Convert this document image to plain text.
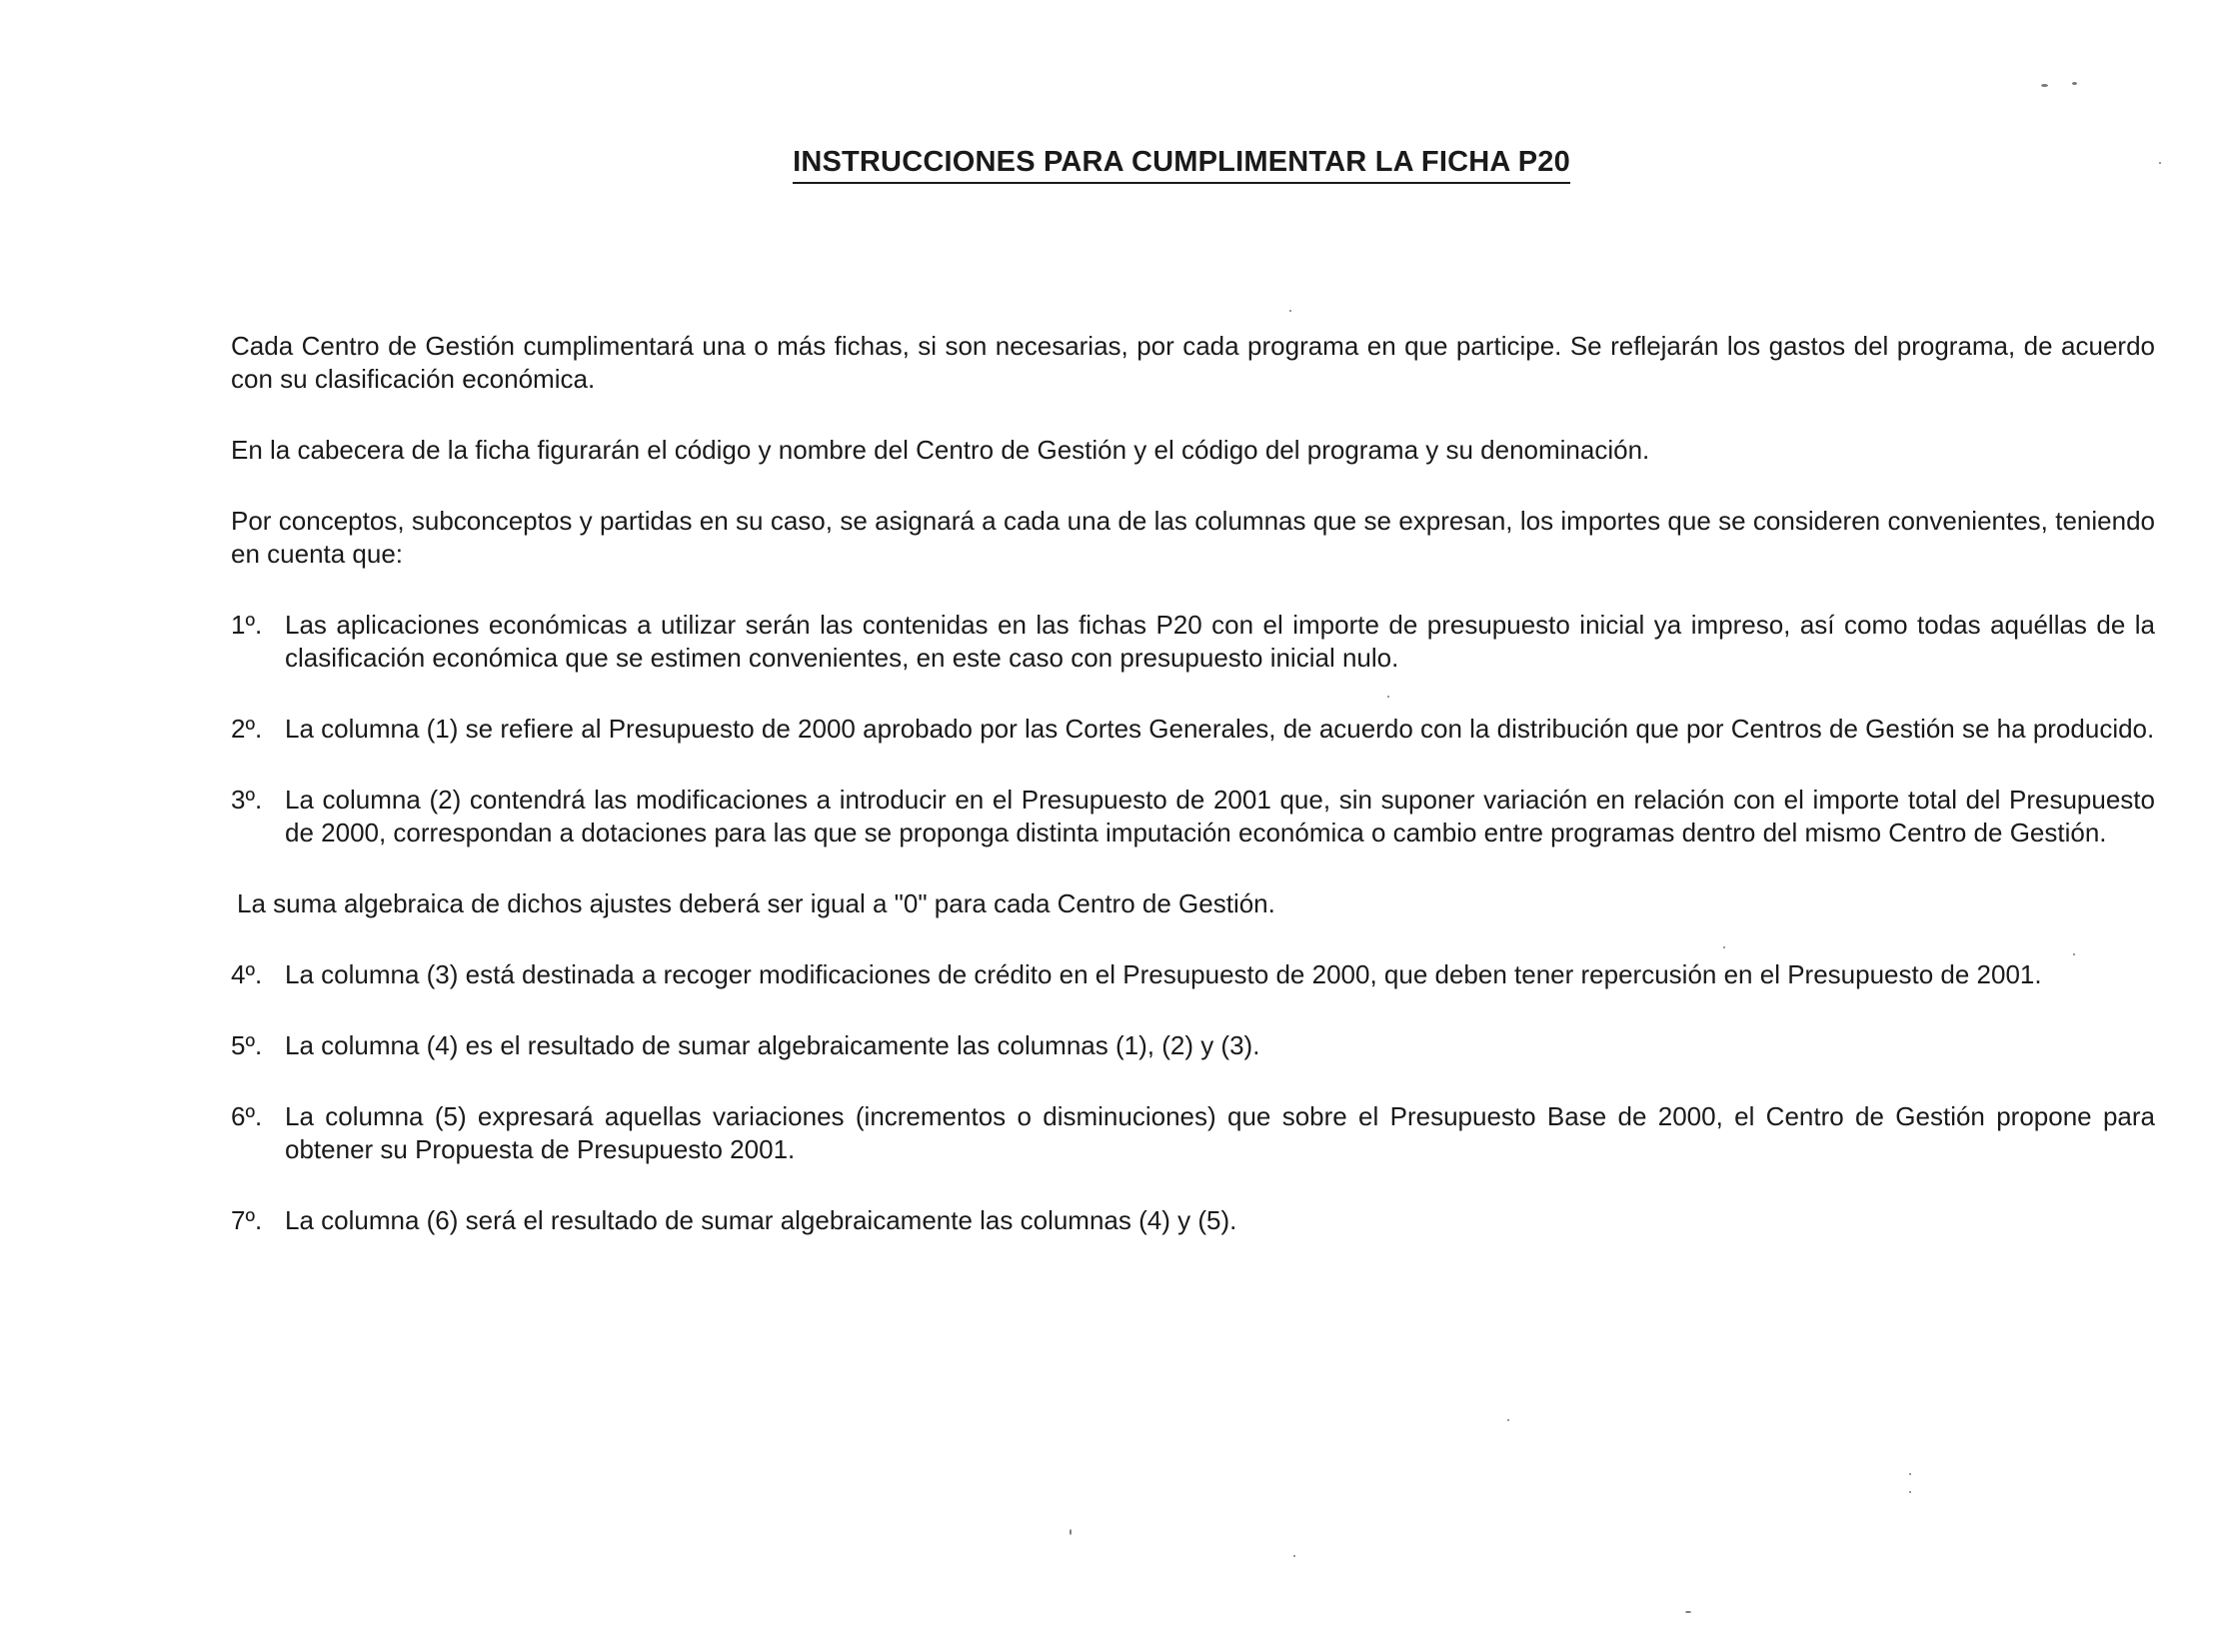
INSTRUCCIONES PARA CUMPLIMENTAR LA FICHA P20

Cada Centro de Gestión cumplimentará una o más fichas, si son necesarias, por cada programa en que participe. Se reflejarán los gastos del programa, de acuerdo con su clasificación económica.

En la cabecera de la ficha figurarán el código y nombre del Centro de Gestión y el código del programa y su denominación.

Por conceptos, subconceptos y partidas en su caso, se asignará a cada una de las columnas que se expresan, los importes que se consideren convenientes, teniendo en cuenta que:

1º. Las aplicaciones económicas a utilizar serán las contenidas en las fichas P20 con el importe de presupuesto inicial ya impreso, así como todas aquéllas de la clasificación económica que se estimen convenientes, en este caso con presupuesto inicial nulo.
2º. La columna (1) se refiere al Presupuesto de 2000 aprobado por las Cortes Generales, de acuerdo con la distribución que por Centros de Gestión se ha producido.
3º. La columna (2) contendrá las modificaciones a introducir en el Presupuesto de 2001 que, sin suponer variación en relación con el importe total del Presupuesto de 2000, correspondan a dotaciones para las que se proponga distinta imputación económica o cambio entre programas dentro del mismo Centro de Gestión.

La suma algebraica de dichos ajustes deberá ser igual a "0" para cada Centro de Gestión.

4º. La columna (3) está destinada a recoger modificaciones de crédito en el Presupuesto de 2000, que deben tener repercusión en el Presupuesto de 2001.
5º. La columna (4) es el resultado de sumar algebraicamente las columnas (1), (2) y (3).
6º. La columna (5) expresará aquellas variaciones (incrementos o disminuciones) que sobre el Presupuesto Base de 2000, el Centro de Gestión propone para obtener su Propuesta de Presupuesto 2001.
7º. La columna (6) será el resultado de sumar algebraicamente las columnas (4) y (5).
